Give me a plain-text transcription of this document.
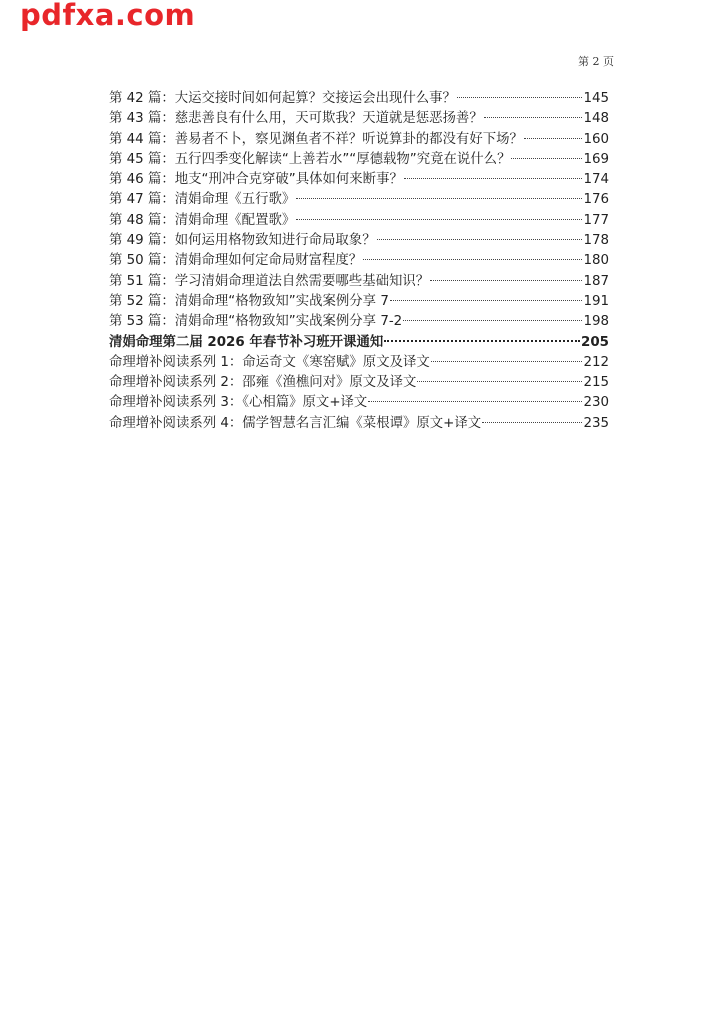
pdfxa.com
第 2 页
第 42 篇：大运交接时间如何起算？交接运会出现什么事？	145
第 43 篇：慈悲善良有什么用，天可欺我？天道就是惩恶扬善？	148
第 44 篇：善易者不卜，察见渊鱼者不祥？听说算卦的都没有好下场？	160
第 45 篇：五行四季变化解读“上善若水”“厚德载物”究竟在说什么？	169
第 46 篇：地支“刑冲合克穿破”具体如何来断事？	174
第 47 篇：清娟命理《五行歌》	176
第 48 篇：清娟命理《配置歌》	177
第 49 篇：如何运用格物致知进行命局取象？	178
第 50 篇：清娟命理如何定命局财富程度？	180
第 51 篇：学习清娟命理道法自然需要哪些基础知识？	187
第 52 篇：清娟命理“格物致知”实战案例分享 7	191
第 53 篇：清娟命理“格物致知”实战案例分享 7-2	198
清娟命理第二届 2026 年春节补习班开课通知	205
命理增补阅读系列 1：命运奇文《寒窑赋》原文及译文	212
命理增补阅读系列 2：邵雍《渔樵问对》原文及译文	215
命理增补阅读系列 3：《心相篇》原文+译文	230
命理增补阅读系列 4：儒学智慧名言汇编《菜根谭》原文+译文	235
